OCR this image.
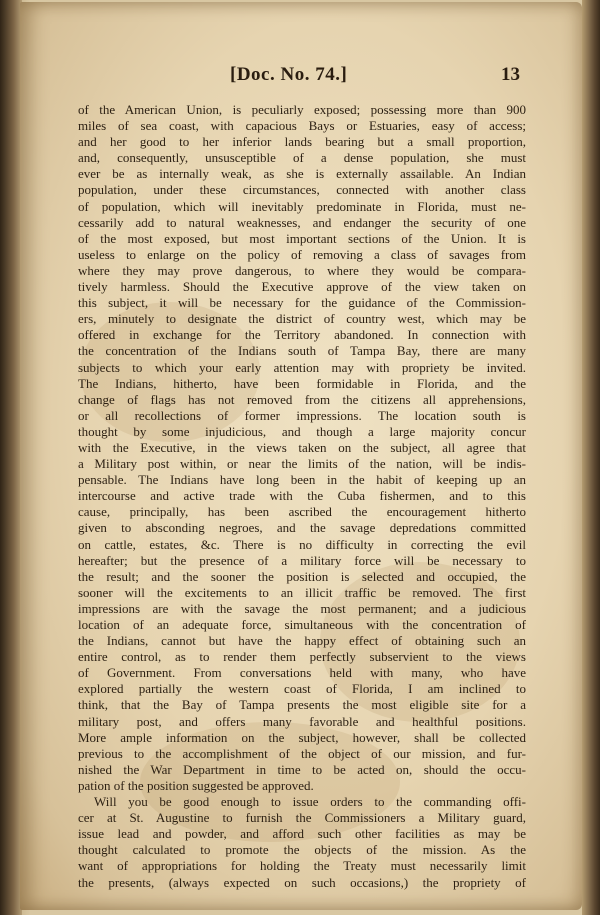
[Doc. No. 74.]	13
of the American Union, is peculiarly exposed; possessing more than 900
miles of sea coast, with capacious Bays or Estuaries, easy of access;
and her good to her inferior lands bearing but a small proportion,
and, consequently, unsusceptible of a dense population, she must
ever be as internally weak, as she is externally assailable. An Indian
population, under these circumstances, connected with another class
of population, which will inevitably predominate in Florida, must ne-
cessarily add to natural weaknesses, and endanger the security of one
of the most exposed, but most important sections of the Union. It is
useless to enlarge on the policy of removing a class of savages from
where they may prove dangerous, to where they would be compara-
tively harmless. Should the Executive approve of the view taken on
this subject, it will be necessary for the guidance of the Commission-
ers, minutely to designate the district of country west, which may be
offered in exchange for the Territory abandoned. In connection with
the concentration of the Indians south of Tampa Bay, there are many
subjects to which your early attention may with propriety be invited.
The Indians, hitherto, have been formidable in Florida, and the
change of flags has not removed from the citizens all apprehensions,
or all recollections of former impressions. The location south is
thought by some injudicious, and though a large majority concur
with the Executive, in the views taken on the subject, all agree that
a Military post within, or near the limits of the nation, will be indis-
pensable. The Indians have long been in the habit of keeping up an
intercourse and active trade with the Cuba fishermen, and to this
cause, principally, has been ascribed the encouragement hitherto
given to absconding negroes, and the savage depredations committed
on cattle, estates, &c. There is no difficulty in correcting the evil
hereafter; but the presence of a military force will be necessary to
the result; and the sooner the position is selected and occupied, the
sooner will the excitements to an illicit traffic be removed. The first
impressions are with the savage the most permanent; and a judicious
location of an adequate force, simultaneous with the concentration of
the Indians, cannot but have the happy effect of obtaining such an
entire control, as to render them perfectly subservient to the views
of Government. From conversations held with many, who have
explored partially the western coast of Florida, I am inclined to
think, that the Bay of Tampa presents the most eligible site for a
military post, and offers many favorable and healthful positions.
More ample information on the subject, however, shall be collected
previous to the accomplishment of the object of our mission, and fur-
nished the War Department in time to be acted on, should the occu-
pation of the position suggested be approved.
Will you be good enough to issue orders to the commanding offi-
cer at St. Augustine to furnish the Commissioners a Military guard,
issue lead and powder, and afford such other facilities as may be
thought calculated to promote the objects of the mission. As the
want of appropriations for holding the Treaty must necessarily limit
the presents, (always expected on such occasions,) the propriety of
